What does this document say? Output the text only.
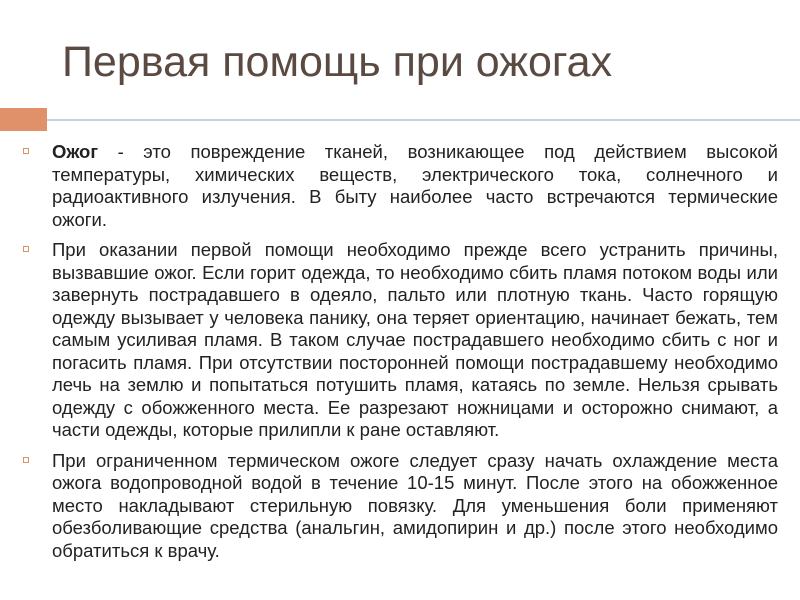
Первая помощь при ожогах
Ожог - это повреждение тканей, возникающее под действием высокой температуры, химических веществ, электрического тока, солнечного и радиоактивного излучения. В быту наиболее часто встречаются термические ожоги.
При оказании первой помощи необходимо прежде всего устранить причины, вызвавшие ожог. Если горит одежда, то необходимо сбить пламя потоком воды или завернуть пострадавшего в одеяло, пальто или плотную ткань. Часто горящую одежду вызывает у человека панику, она теряет ориентацию, начинает бежать, тем самым усиливая пламя. В таком случае пострадавшего необходимо сбить с ног и погасить пламя. При отсутствии посторонней помощи пострадавшему необходимо лечь на землю и попытаться потушить пламя, катаясь по земле. Нельзя срывать одежду с обожженного места. Ее разрезают ножницами и осторожно снимают, а части одежды, которые прилипли к ране оставляют.
При ограниченном термическом ожоге следует сразу начать охлаждение места ожога водопроводной водой в течение 10-15 минут. После этого на обожженное место накладывают стерильную повязку. Для уменьшения боли применяют обезболивающие средства (анальгин, амидопирин и др.) после этого необходимо обратиться к врачу.
